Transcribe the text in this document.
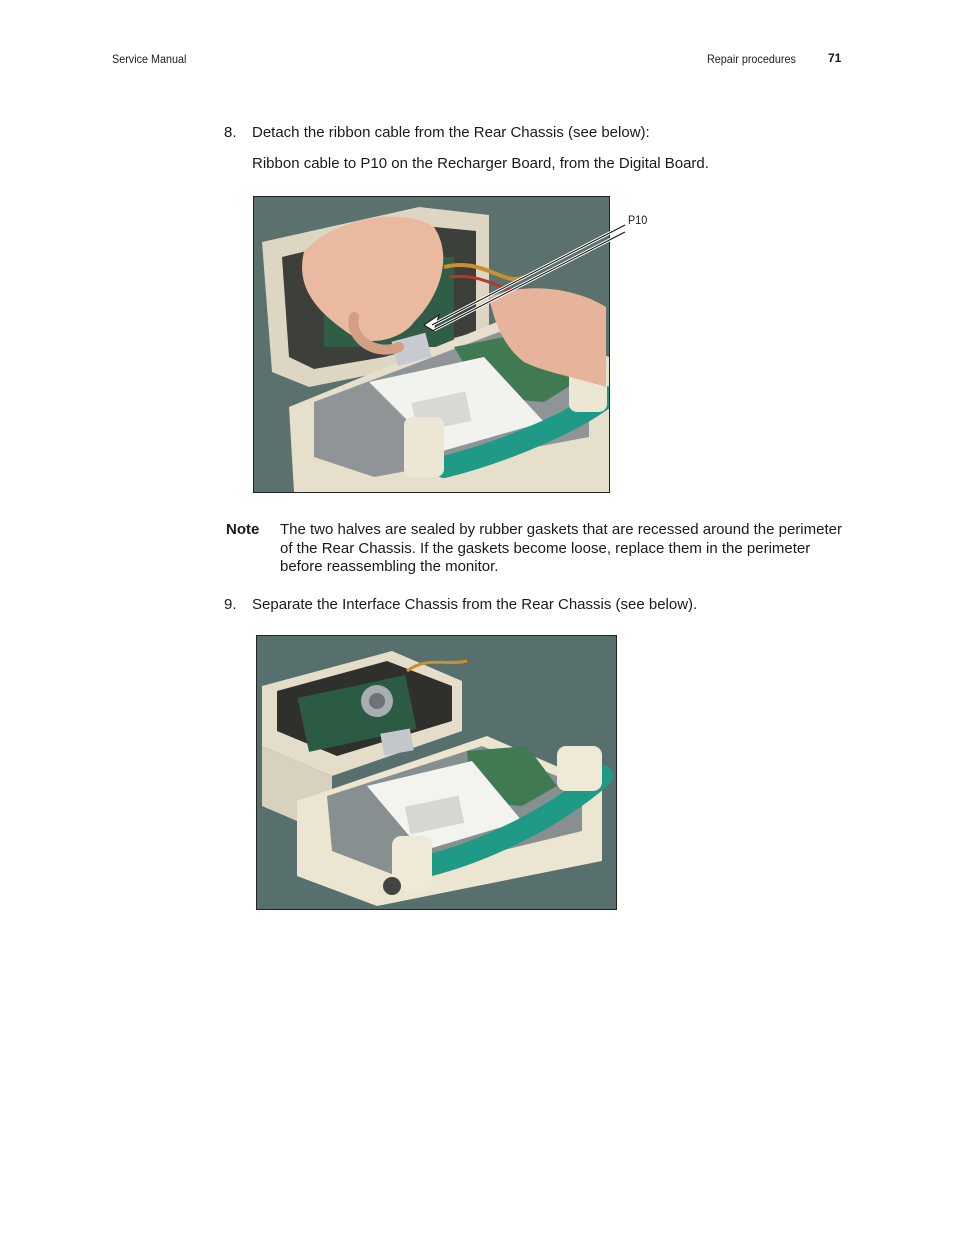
Service Manual	Repair procedures	71
8. Detach the ribbon cable from the Rear Chassis (see below):
Ribbon cable to P10 on the Recharger Board, from the Digital Board.
P10
Note The two halves are sealed by rubber gaskets that are recessed around the perimeter of the Rear Chassis. If the gaskets become loose, replace them in the perimeter before reassembling the monitor.
9. Separate the Interface Chassis from the Rear Chassis (see below).
